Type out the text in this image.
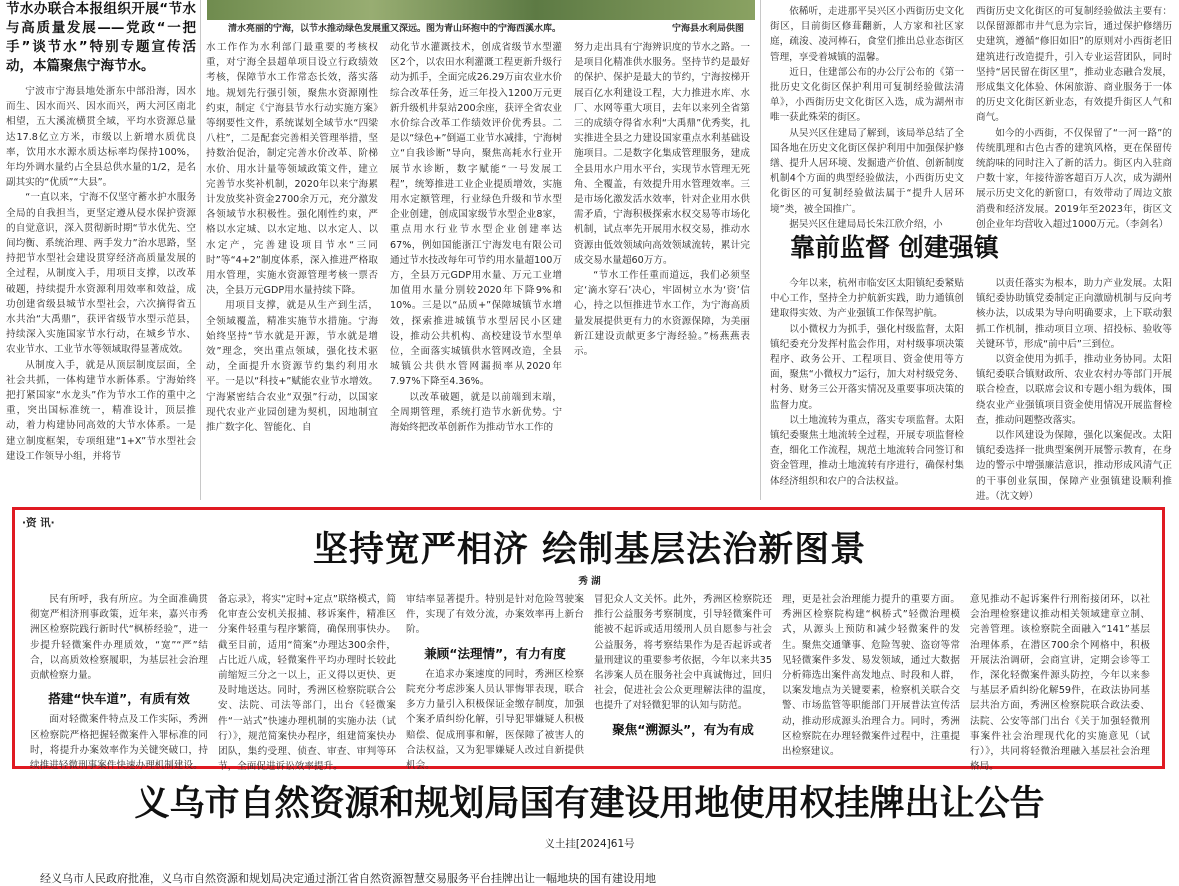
节水办联合本报组织开展“节水与高质量发展——党政“一把手”谈节水”特别专题宣传活动，本篇聚焦宁海节水。

宁波市宁海县地处浙东中部沿海，因水而生、因水而兴、因水而兴，两大河区南北相望，五大溪流横贯全域，平均水资源总量达17.8亿立方米，市级以上新增水质优良率，饮用水水源水质达标率均保持100%，年均外调水量约占全县总供水量的1/2，是名副其实的“优质”“大县”。

“一直以来，宁海不仅坚守蓄水护水服务全局的自我担当，更坚定遵从侵水保护资源的自觉意识，深入贯彻新时期“节水优先、空间均衡、系统治理、两手发力”治水思路，坚持把节水型社会建设贯穿经济高质量发展的全过程，从制度入手，用项目支撑，以改革破题，持续提升水资源利用效率和效益，成功创建省级县城节水型社会，六次摘得省五水共治“大禹鼎”，获评省级节水型示范县，持续深入实施国家节水行动，在城乡节水、农业节水、工业节水等领域取得显著成效。

从制度入手，就是从顶层制度层面，全社会共抓，一体构建节水新体系。宁海始终把打紧国家“水龙头”作为节水工作的重中之重，突出国标准统一，精准设计，顶层推动，着力构建协同高效的大节水体系。一是建立制度框架，专项组建“1+X”节水型社会建设工作领导小组，并将节

清水亮丽的宁海，以节水推动绿色发展重又深远。图为青山环抱中的宁海西溪水库。	宁海县水利局供图

水工作作为水利部门最重要的考核权重，对宁海全县超单项目设立行政绩效考核，保障节水工作常态长效，落实落地。规划先行强引领，聚焦水资源刚性约束，制定《宁海县节水行动实施方案》等纲要性文件，系统谋划全域节水“四梁八柱”，二是配套完善相关管理举措，坚持数治促治，制定完善水价改革、阶梯水价、用水计量等领域政策文件，建立完善节水奖补机制，2020年以来宁海累计发放奖补资金2700余万元，充分激发各领域节水积极性。强化刚性约束，严格以水定城、以水定地、以水定人、以水定产，完善建设项目节水“三同时”等“4+2”制度体系，深入推进严格取用水管理，实施水资源管理考核一票否决，全县万元GDP用水量持续下降。

用项目支撑，就是从生产到生活，全领域覆盖，精准实施节水措施。宁海始终坚持“节水就是开源，节水就是增效”理念，突出重点领域，强化技术驱动，全面提升水资源节约集约利用水平。一是以“科技+”赋能农业节水增效。宁海紧密结合农业“双强”行动，以国家现代农业产业园创建为契机，因地制宜推广数字化、智能化、自

动化节水灌溉技术，创成省级节水型灌区2个，以农田水利灌溉工程更新升级行动为抓手，全面完成26.29万亩农业水价综合改革任务，近三年投入1200万元更新升级机井泵站200余座，获评全省农业水价综合改革工作绩效评价优秀县。二是以“绿色+”倒逼工业节水减排，宁海树立“自我诊断”导向，聚焦高耗水行业开展节水诊断，数字赋能“一号发展工程”，统筹推进工业企业提质增效，实施用水定额管理，行业绿色升级和节水型企业创建，创成国家级节水型企业8家，重点用水行业节水型企业创建率达67%，例如国能浙江宁海发电有限公司通过节水技改每年可节约用水量超100万方，全县万元GDP用水量、万元工业增加值用水量分别较2020年下降9%和10%。三是以“品质+”保障城镇节水增效，探索推进城镇节水型居民小区建设，推动公共机构、高校建设节水型单位，全面落实城镇供水管网改造，全县城镇公共供水管网漏损率从2020年7.97%下降至4.36%。

以改革破题，就是以前端到末端，全周期管理，系统打造节水新优势。宁海始终把改革创新作为推动节水工作的

努力走出具有宁海辨识度的节水之路。一是项目化精准供水服务。坚持节约是最好的保护、保护是最大的节约，宁海按梯开展百亿水利建设工程，大力推进水库、水厂、水网等重大项目，去年以来列全省第三的成绩夺得省水利“大禹鼎”优秀奖，扎实推进全县之力建设国家重点水利基础设施项目。二是数字化集成管理服务，建成全县用水户用水平台，实现节水管理无死角、全覆盖，有效提升用水管理效率。三是市场化激发活水效率，针对企业用水供需矛盾，宁海积极探索水权交易等市场化机制，试点率先开展用水权交易，推动水资源由低效领域向高效领域流转，累计完成交易水量超60万方。

“节水工作任重而道远，我们必须坚定‘滴水穿石’决心，牢固树立水为‘资’信心，持之以恒推进节水工作，为宁海高质量发展提供更有力的水资源保障，为美丽新江建设贡献更多宁海经验。”杨燕燕表示。

依稀听，走进那平吴兴区小西街历史文化街区，目前街区修葺翻新，人方家和社区家庭，疏浚、凌河棒石，食堂们推出总业态街区管理，享受着城镇的温馨。

近日，住建部公布的办公厅公布的《第一批历史文化街区保护利用可复制经验做法清单》，小西街历史文化街区入选，成为湖州市唯一获此殊荣的街区。

从吴兴区住建局了解到，该局举总结了全国各地在历史文化街区保护利用中加强保护修缮、提升人居环境、发掘遗产价值、创新制度机制4个方面的典型经验做法，小西街历史文化街区的可复制经验做法属于“提升人居环境”类，被全国推广。

据吴兴区住建局局长朱江欣介绍，小

西街历史文化街区的可复制经验做法主要有：以保留源都市井气息为宗旨，通过保护修缮历史建筑，遵循“修旧如旧”的原则对小西街老旧建筑进行改造提升，引入专业运营团队，同时坚持“居民留在街区里”，推动业态融合发展，形成集文化体验、休闲旅游、商业服务于一体的历史文化街区新业态，有效提升街区人气和商气。

如今的小西街，不仅保留了“一河一路”的传统肌理和古色古香的建筑风格，更在保留传统韵味的同时注入了新的活力。街区内入驻商户数十家，年接待游客超百万人次，成为湖州展示历史文化的新窗口，有效带动了周边文旅消费和经济发展。2019年至2023年，街区文创企业年均营收入超过1000万元。（李剑名）

靠前监督 创建强镇

今年以来，杭州市临安区太阳镇纪委紧贴中心工作，坚持全力护航新实践，助力通镇创建取得实效、为产业强镇工作保驾护航。

以小微权力为抓手，强化村级监督，太阳镇纪委充分发挥村监会作用，对村级事项决策程序、政务公开、工程项目、资金使用等方面，聚焦“小微权力”运行，加大对村级党务、村务、财务三公开落实情况及重要事项决策的监督力度。

以土地流转为重点，落实专项监督。太阳镇纪委聚焦土地流转全过程，开展专项监督检查，细化工作流程，规范土地流转合同签订和资金管理，推动土地流转有序进行，确保村集体经济组织和农户的合法权益。

以责任落实为根本，助力产业发展。太阳镇纪委协助镇党委制定正向激励机制与反向考核办法，以成果为导向明确要求，上下联动狠抓工作机制，推动项目立项、招投标、验收等关键环节，形成“前中后”三到位。

以资金使用为抓手，推动业务协同。太阳镇纪委联合镇财政所、农业农村办等部门开展联合检查，以联席会议和专题小组为载体，围绕农业产业强镇项目资金使用情况开展监督检查，推动问题整改落实。

以作风建设为保障，强化以案促改。太阳镇纪委选择一批典型案例开展警示教育，在身边的警示中增强廉洁意识，推动形成风清气正的干事创业氛围，保障产业强镇建设顺利推进。（沈文婷）

·资 讯·
坚持宽严相济 绘制基层法治新图景
秀 湖

民有所呼，我有所应。为全面准确贯彻宽严相济刑事政策，近年来，嘉兴市秀洲区检察院践行新时代“枫桥经验”，进一步提升轻微案件办理质效，“宽”“严”结合，以高质效检察履职，为基层社会治理贡献检察力量。

搭建“快车道”，有质有效

面对轻微案件特点及工作实际，秀洲区检察院严格把握轻微案件入罪标准的同时，将提升办案效率作为关键突破口，持续推进轻微刑事案件快速办理机制建设。

备忘录》，将实“定时+定点”联络模式，简化审查公安机关报捕、移诉案件，精准区分案件轻重与程序繁简，确保刑事快办。截至目前，适用“简案”办理达300余件，占比近八成，轻微案件平均办理时长较此前缩短三分之一以上，正义得以更快、更及时地送达。同时，秀洲区检察院联合公安、法院、司法等部门，出台《轻微案件“一站式”快速办理机制的实施办法（试行）》，规范简案快办程序，组建简案快办团队，集约受理、侦查、审查、审判等环节，全面促进诉讼效率提升。

审结率显著提升。特别是针对危险驾驶案件，实现了有效分流，办案效率再上新台阶。

兼顾“法理情”，有力有度

在追求办案速度的同时，秀洲区检察院充分考虑涉案人员认罪悔罪表现，联合多方力量引入积极保证金缴存制度，加强个案矛盾纠纷化解，引导犯罪嫌疑人积极赔偿、促成刑事和解，医保障了被害人的合法权益，又为犯罪嫌疑人改过自新提供机会。

冒犯众人文关怀。此外，秀洲区检察院还推行公益服务考察制度，引导轻微案件可能被不起诉或适用缓刑人员自愿参与社会公益服务，将考察结果作为是否起诉或者量刑建议的重要参考依据，今年以来共35名涉案人员在服务社会中真诚悔过，回归社会，促进社会公众更理解法律的温度，也提升了对轻微犯罪的认知与防范。

聚焦“溯源头”，有为有成

理，更是社会治理能力提升的重要方面。秀洲区检察院构建“枫桥式”轻微治理模式，从源头上预防和减少轻微案件的发生。聚焦交通肇事、危险驾驶、盗窃等常见轻微案件多发、易发领域，通过大数据分析筛选出案件高发地点、时段和人群，以案发地点为关键要素，检察机关联合交警、市场监管等职能部门开展普法宣传活动，推动形成源头治理合力。同时，秀洲区检察院在办理轻微案件过程中，注重提出检察建议。

意见推动不起诉案件行刑衔接闭环，以社会治理检察建议推动相关领域建章立制、完善管理。该检察院全面融入“141”基层治理体系，在潜区700余个网格中，积极开展法治调研，会商宣讲，定期会诊等工作，深化轻微案件源头防控，今年以来参与基层矛盾纠纷化解59件，在政法协同基层共治方面，秀洲区检察院联合政法委、法院、公安等部门出台《关于加强轻微刑事案件社会治理现代化的实施意见（试行）》，共同将轻微治理融入基层社会治理格局。

义乌市自然资源和规划局国有建设用地使用权挂牌出让公告
义土挂[2024]61号
经义乌市人民政府批准，义乌市自然资源和规划局决定通过浙江省自然资源智慧交易服务平台挂牌出让一幅地块的国有建设用地
